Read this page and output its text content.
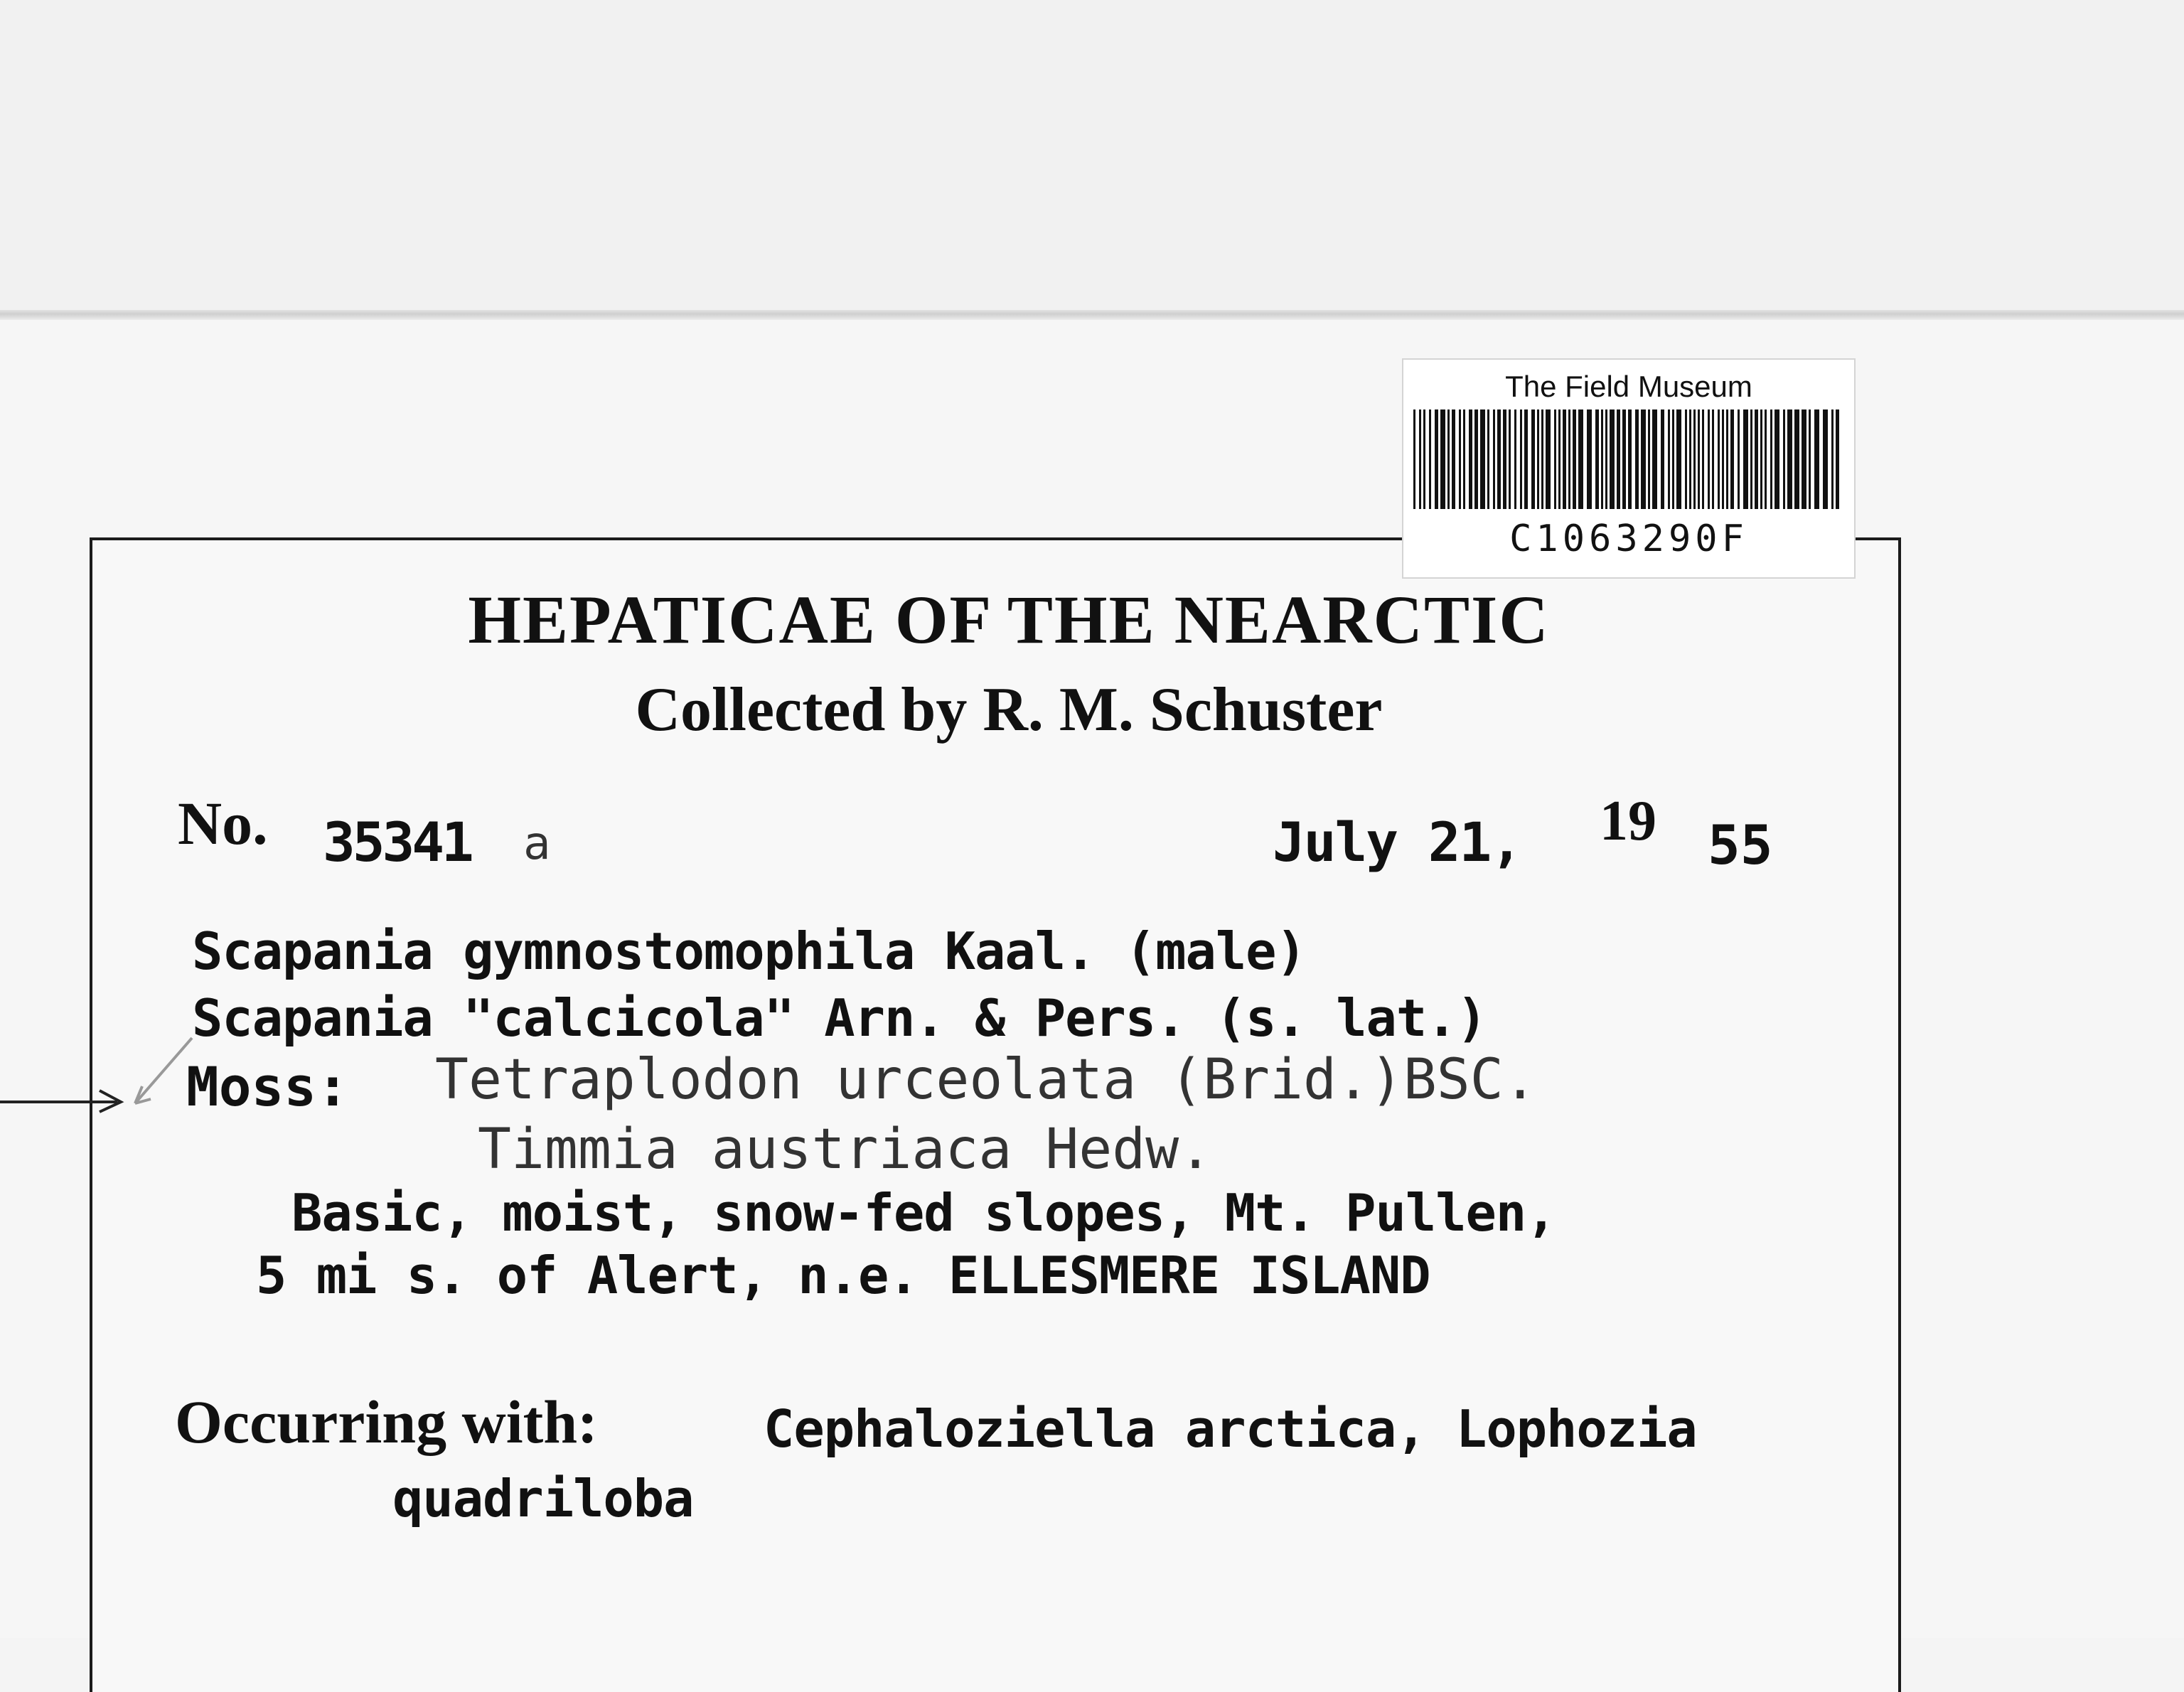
The Field Museum
C1063290F
HEPATICAE OF THE NEARCTIC
Collected by R. M. Schuster
No. 35341 a	July 21, 19 55
Scapania gymnostomophila Kaal. (male)
Scapania "calcicola" Arn. & Pers. (s. lat.)
Moss: Tetraplodon urceolata (Brid.)BSC.
Timmia austriaca Hedw.
Basic, moist, snow-fed slopes, Mt. Pullen,
5 mi s. of Alert, n.e. ELLESMERE ISLAND
Occurring with:	Cephaloziella arctica, Lophozia
quadriloba
